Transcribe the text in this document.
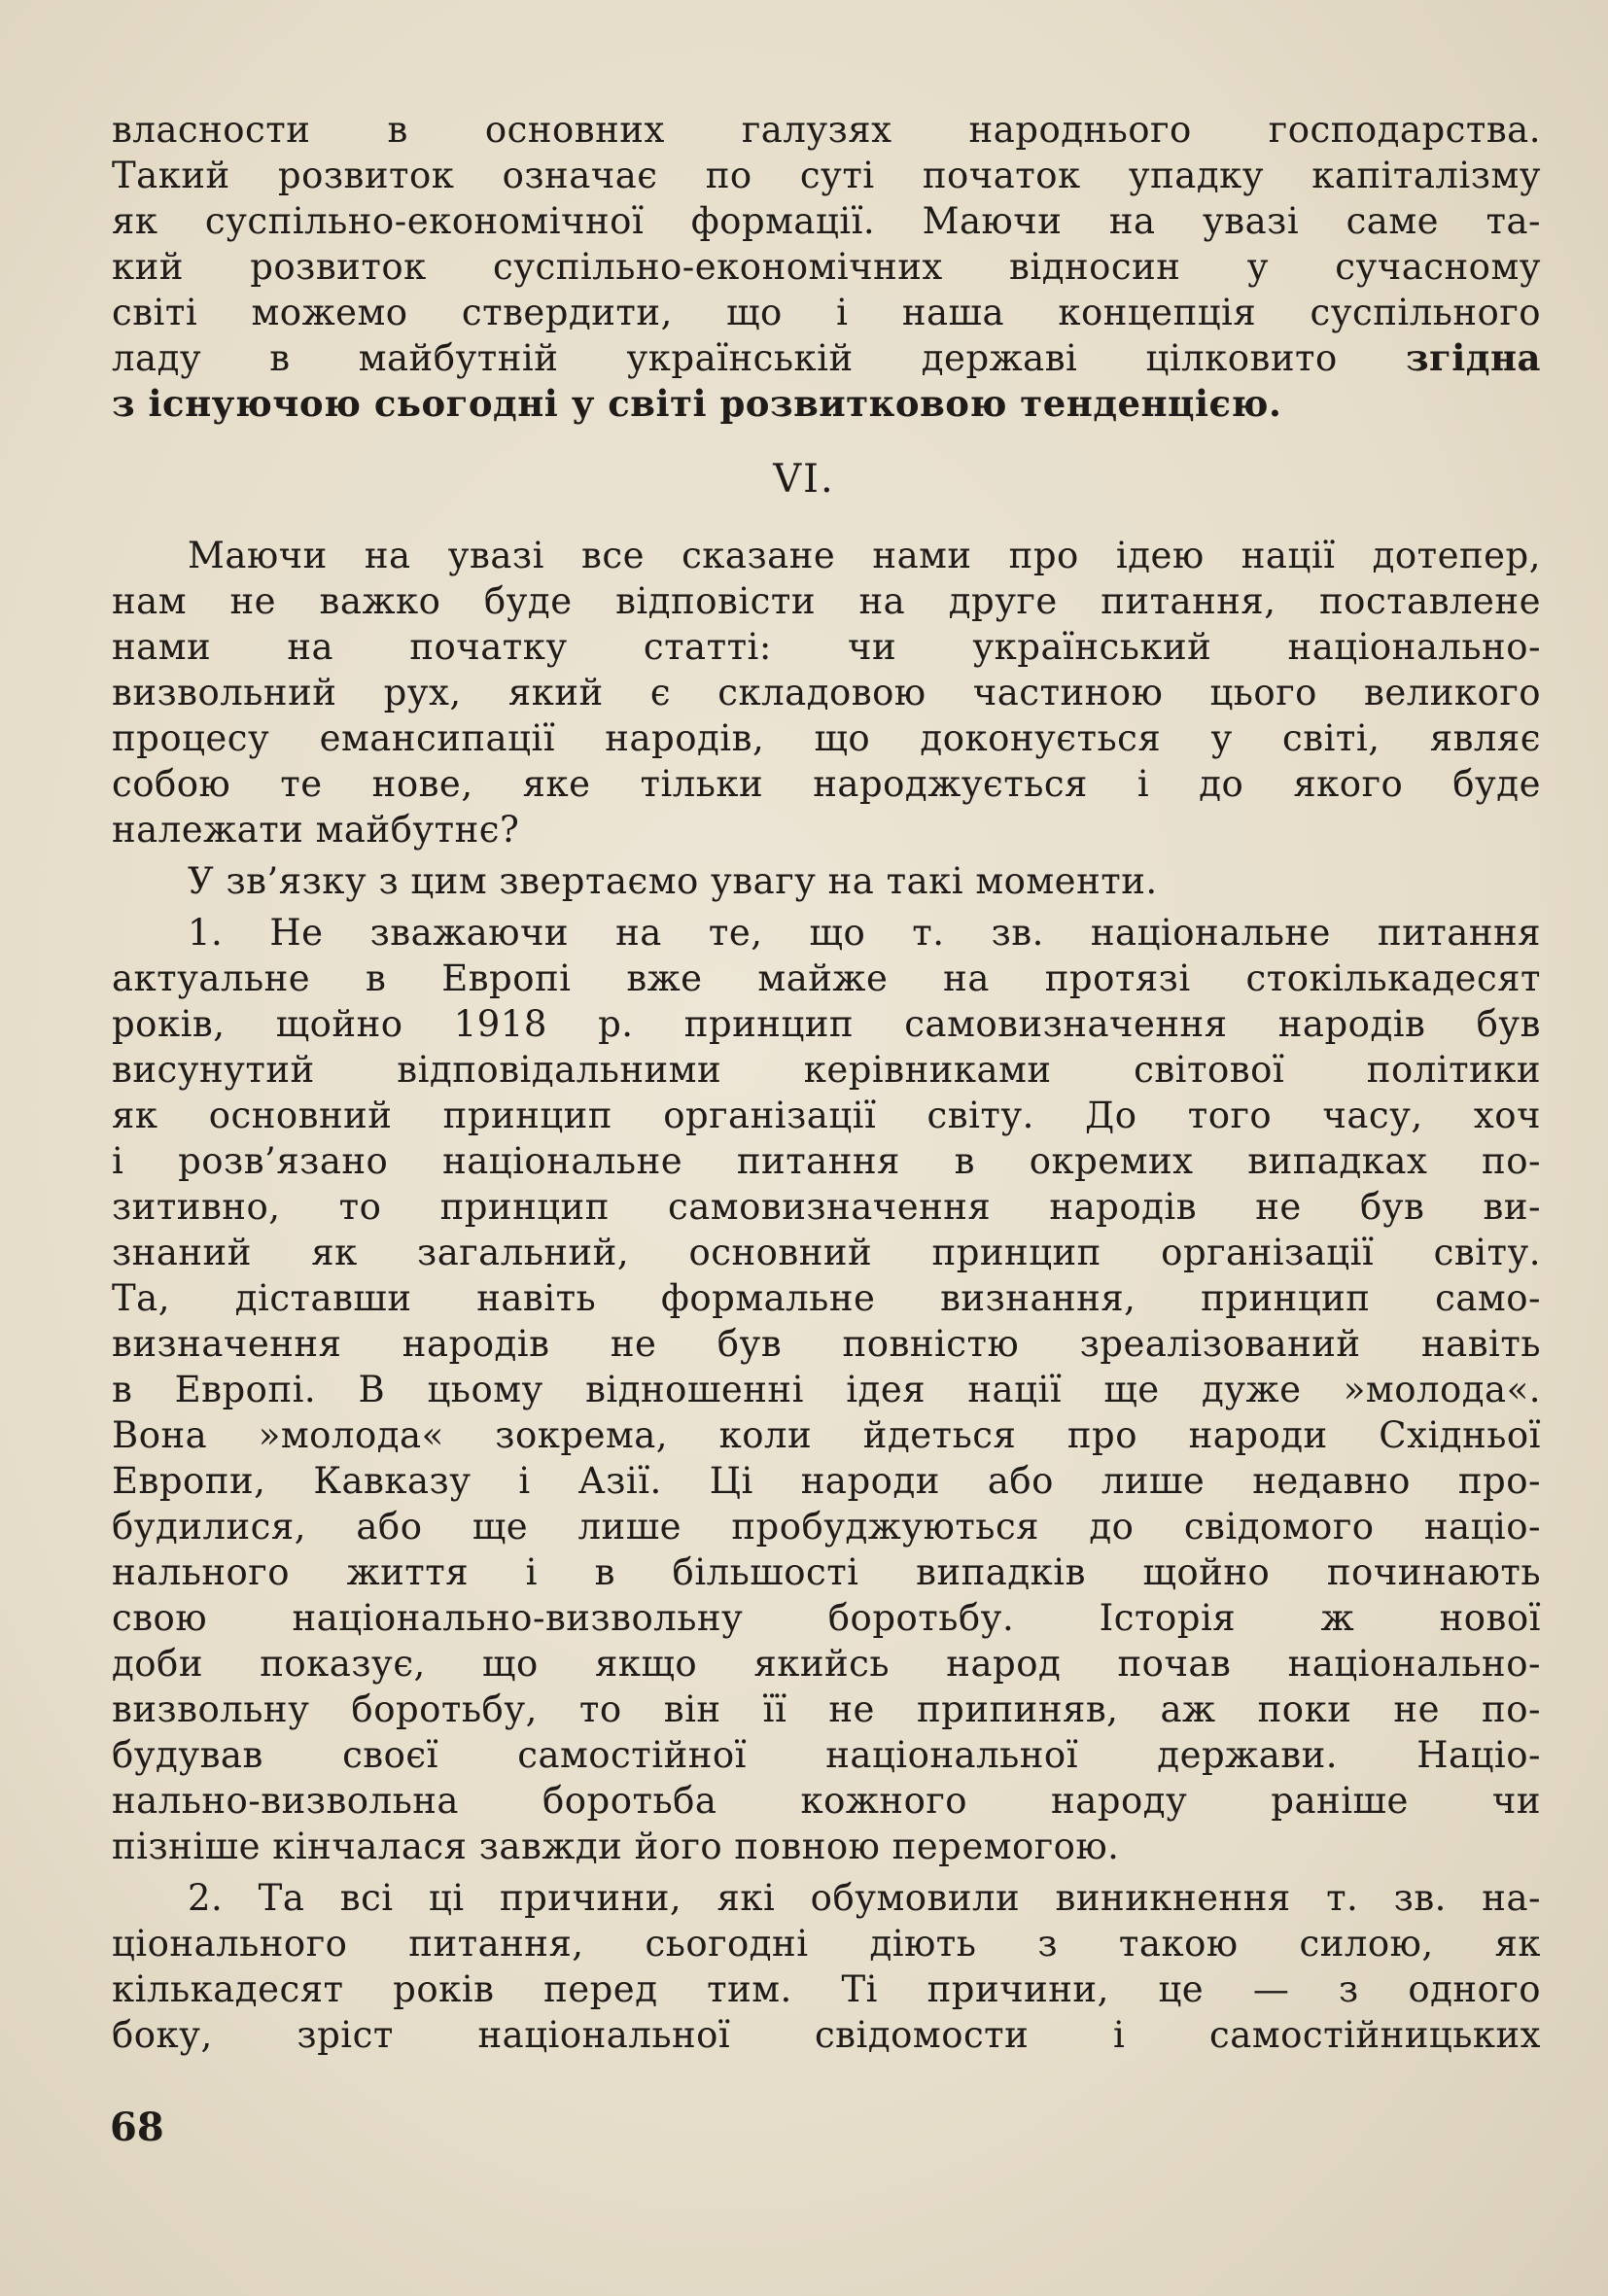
власности в основних галузях народнього господарства.
Такий розвиток означає по суті початок упадку капіталізму
як суспільно-економічної формації. Маючи на увазі саме та-
кий розвиток суспільно-економічних відносин у сучасному
світі можемо ствердити, що і наша концепція суспільного
ладу в майбутній українській державі цілковито згідна
з існуючою сьогодні у світі розвитковою тенденцією.
VI.
Маючи на увазі все сказане нами про ідею нації дотепер,
нам не важко буде відповісти на друге питання, поставлене
нами на початку статті: чи український національно-
визвольний рух, який є складовою частиною цього великого
процесу емансипації народів, що доконується у світі, являє
собою те нове, яке тільки народжується і до якого буде
належати майбутнє?
У зв’язку з цим звертаємо увагу на такі моменти.
1. Не зважаючи на те, що т. зв. національне питання
актуальне в Европі вже майже на протязі стокількадесят
років, щойно 1918 р. принцип самовизначення народів був
висунутий відповідальними керівниками світової політики
як основний принцип організації світу. До того часу, хоч
і розв’язано національне питання в окремих випадках по-
зитивно, то принцип самовизначення народів не був ви-
знаний як загальний, основний принцип організації світу.
Та, діставши навіть формальне визнання, принцип само-
визначення народів не був повністю зреалізований навіть
в Европі. В цьому відношенні ідея нації ще дуже »молода«.
Вона »молода« зокрема, коли йдеться про народи Східньої
Европи, Кавказу і Азії. Ці народи або лише недавно про-
будилися, або ще лише пробуджуються до свідомого націо-
нального життя і в більшості випадків щойно починають
свою національно-визвольну боротьбу. Історія ж нової
доби показує, що якщо якийсь народ почав національно-
визвольну боротьбу, то він її не припиняв, аж поки не по-
будував своєї самостійної національної держави. Націо-
нально-визвольна боротьба кожного народу раніше чи
пізніше кінчалася завжди його повною перемогою.
2. Та всі ці причини, які обумовили виникнення т. зв. на-
ціонального питання, сьогодні діють з такою силою, як
кількадесят років перед тим. Ті причини, це — з одного
боку, зріст національної свідомости і самостійницьких
68
